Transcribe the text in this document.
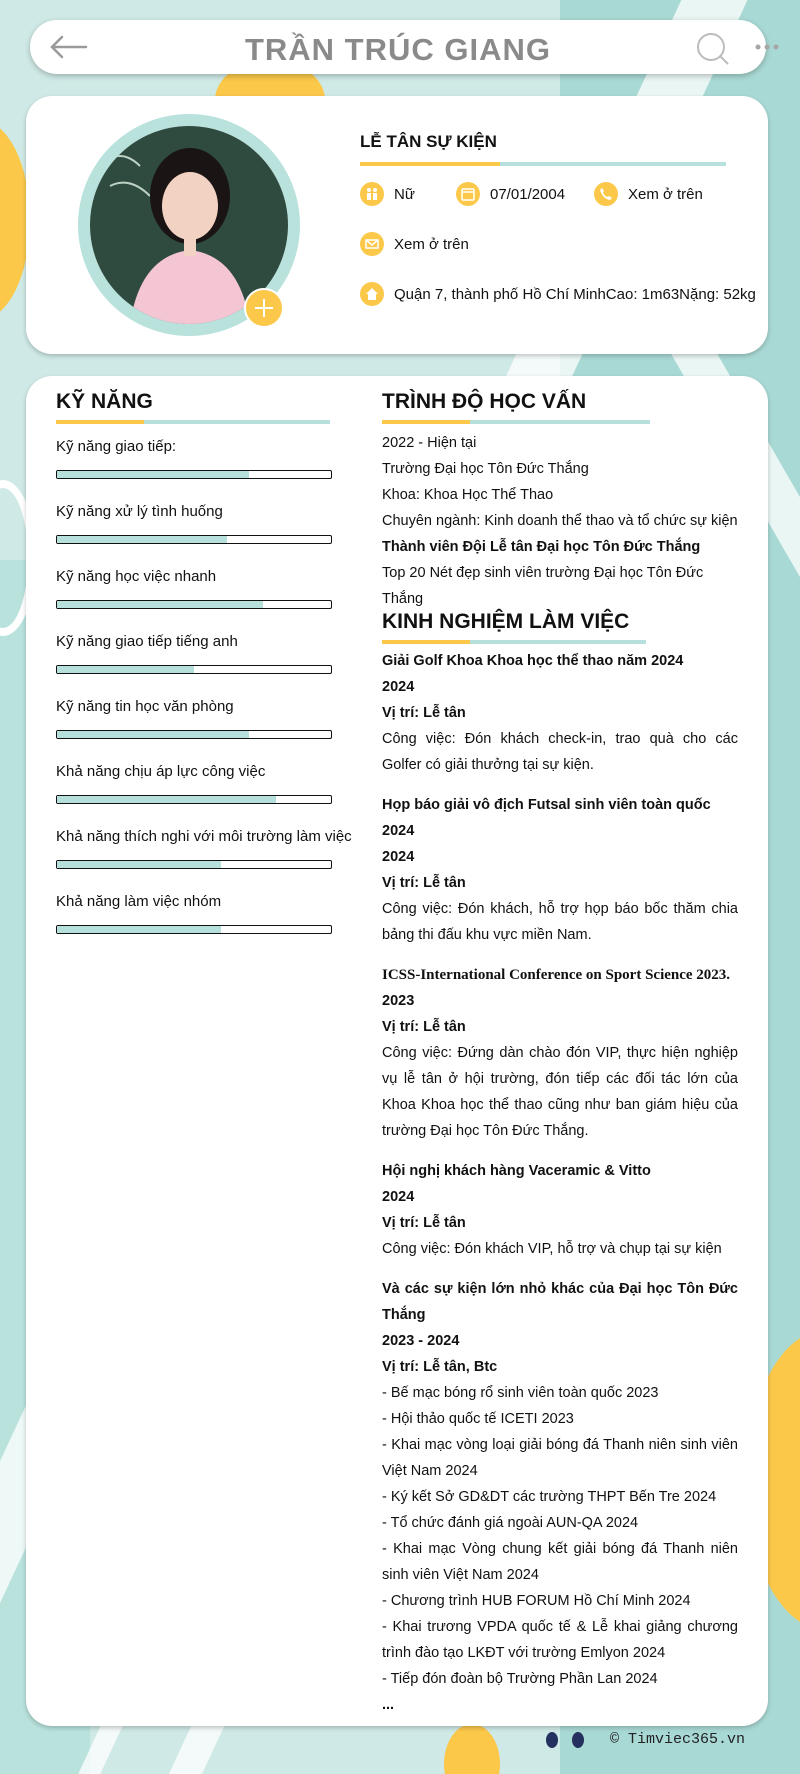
TRẦN TRÚC GIANG
LỄ TÂN SỰ KIỆN
Nữ	07/01/2004	Xem ở trên
Xem ở trên
Quận 7, thành phố Hồ Chí MinhCao: 1m63Nặng: 52kg
KỸ NĂNG
Kỹ năng giao tiếp:
Kỹ năng xử lý tình huống
Kỹ năng học việc nhanh
Kỹ năng giao tiếp tiếng anh
Kỹ năng tin học văn phòng
Khả năng chịu áp lực công việc
Khả năng thích nghi với môi trường làm việc
Khả năng làm việc nhóm
TRÌNH ĐỘ HỌC VẤN

2022 - Hiện tại

Trường Đại học Tôn Đức Thắng

Khoa: Khoa Học Thể Thao

Chuyên ngành: Kinh doanh thể thao và tổ chức sự kiện

Thành viên Đội Lễ tân Đại học Tôn Đức Thắng

Top 20 Nét đẹp sinh viên trường Đại học Tôn Đức Thắng

KINH NGHIỆM LÀM VIỆC

Giải Golf Khoa Khoa học thể thao năm 2024

2024

Vị trí: Lễ tân

Công việc: Đón khách check-in, trao quà cho các Golfer có giải thưởng tại sự kiện.

Họp báo giải vô địch Futsal sinh viên toàn quốc 2024

2024

Vị trí: Lễ tân

Công việc: Đón khách, hỗ trợ họp báo bốc thăm chia bảng thi đấu khu vực miền Nam.

ICSS-International Conference on Sport Science 2023.

2023

Vị trí: Lễ tân

Công việc: Đứng dàn chào đón VIP, thực hiện nghiệp vụ lễ tân ở hội trường, đón tiếp các đối tác lớn của Khoa Khoa học thể thao cũng như ban giám hiệu của trường Đại học Tôn Đức Thắng.

Hội nghị khách hàng Vaceramic & Vitto

2024

Vị trí: Lễ tân

Công việc: Đón khách VIP, hỗ trợ và chụp tại sự kiện

Và các sự kiện lớn nhỏ khác của Đại học Tôn Đức Thắng

2023 - 2024

Vị trí: Lễ tân, Btc

- Bế mạc bóng rổ sinh viên toàn quốc 2023

- Hội thảo quốc tế ICETI 2023

- Khai mạc vòng loại giải bóng đá Thanh niên sinh viên Việt Nam 2024

- Ký kết Sở GD&DT các trường THPT Bến Tre 2024

- Tổ chức đánh giá ngoài AUN-QA 2024

- Khai mạc Vòng chung kết giải bóng đá Thanh niên sinh viên Việt Nam 2024

- Chương trình HUB FORUM Hồ Chí Minh 2024

- Khai trương VPDA quốc tế & Lễ khai giảng chương trình đào tạo LKĐT với trường Emlyon 2024

- Tiếp đón đoàn bộ Trường Phần Lan 2024

...

© Timviec365.vn
